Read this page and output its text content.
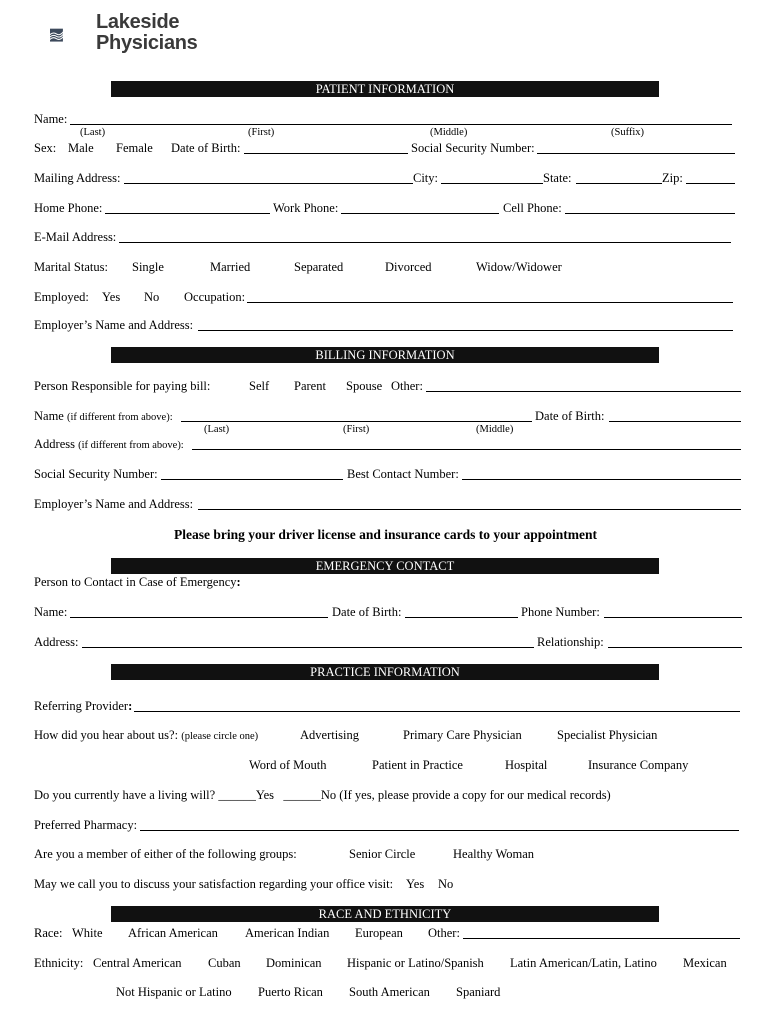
Lakeside
Physicians
PATIENT INFORMATION
Name:
(Last)	(First)	(Middle)	(Suffix)
Sex: Male Female Date of Birth:	Social Security Number:
Mailing Address:	City:	State:	Zip:
Home Phone:	Work Phone:	Cell Phone:
E-Mail Address:
Marital Status: Single	Married	Separated	Divorced	Widow/Widower
Employed: Yes No Occupation:
Employer’s Name and Address:
BILLING INFORMATION
Person Responsible for paying bill:	Self Parent Spouse Other:
Name (if different from above):	Date of Birth:
(Last)	(First)	(Middle)
Address (if different from above):
Social Security Number:	Best Contact Number:
Employer’s Name and Address:
Please bring your driver license and insurance cards to your appointment
EMERGENCY CONTACT
Person to Contact in Case of Emergency:
Name:	Date of Birth:	Phone Number:
Address:	Relationship:
PRACTICE INFORMATION
Referring Provider:
How did you hear about us?: (please circle one)	Advertising	Primary Care Physician	Specialist Physician
Word of Mouth	Patient in Practice	Hospital	Insurance Company
Do you currently have a living will? ______Yes ______No (If yes, please provide a copy for our medical records)
Preferred Pharmacy:
Are you a member of either of the following groups:	Senior Circle	Healthy Woman
May we call you to discuss your satisfaction regarding your office visit: Yes No
RACE AND ETHNICITY
Race: White African American American Indian European Other:
Ethnicity: Central American Cuban Dominican Hispanic or Latino/Spanish Latin American/Latin, Latino Mexican
Not Hispanic or Latino Puerto Rican South American Spaniard
